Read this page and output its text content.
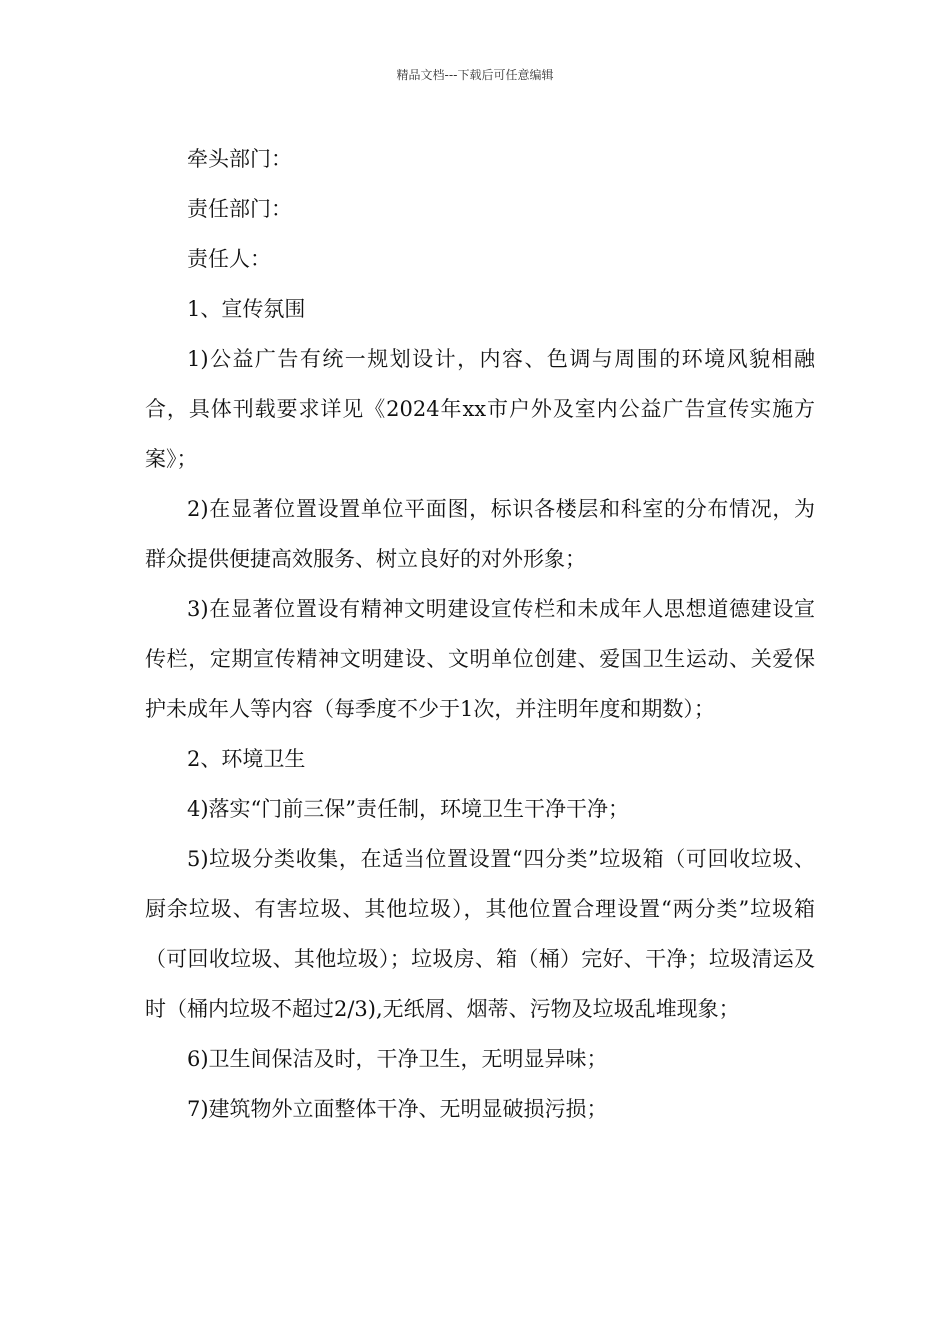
精品文档---下载后可任意编辑

牵头部门：

责任部门：

责任人：

1、宣传氛围

1)公益广告有统一规划设计，内容、色调与周围的环境风貌相融合，具体刊载要求详见《2024年xx市户外及室内公益广告宣传实施方案》；

2)在显著位置设置单位平面图，标识各楼层和科室的分布情况，为群众提供便捷高效服务、树立良好的对外形象；

3)在显著位置设有精神文明建设宣传栏和未成年人思想道德建设宣传栏，定期宣传精神文明建设、文明单位创建、爱国卫生运动、关爱保护未成年人等内容（每季度不少于1次，并注明年度和期数）；

2、环境卫生

4)落实“门前三保”责任制，环境卫生干净干净；

5)垃圾分类收集，在适当位置设置“四分类”垃圾箱（可回收垃圾、厨余垃圾、有害垃圾、其他垃圾），其他位置合理设置“两分类”垃圾箱（可回收垃圾、其他垃圾）；垃圾房、箱（桶）完好、干净；垃圾清运及时（桶内垃圾不超过2/3),无纸屑、烟蒂、污物及垃圾乱堆现象；

6)卫生间保洁及时，干净卫生，无明显异味；

7)建筑物外立面整体干净、无明显破损污损；
